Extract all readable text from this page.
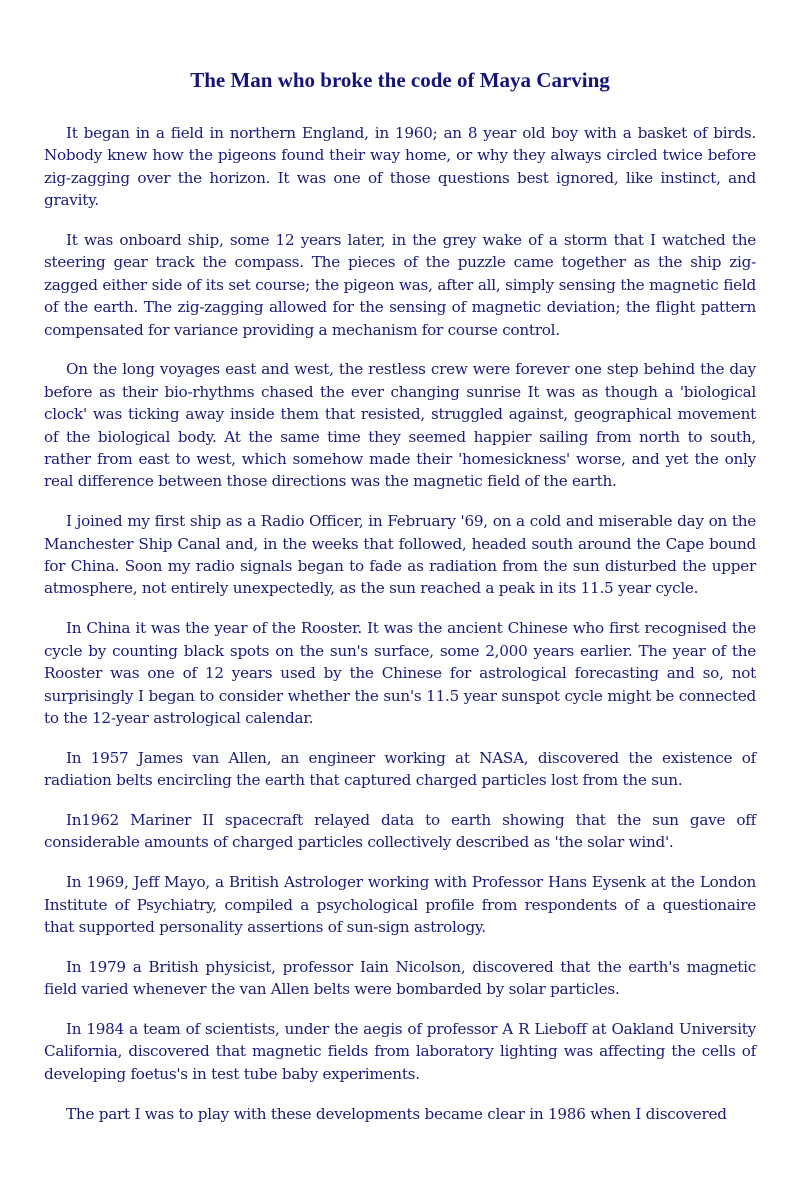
The Man who broke the code of Maya Carving

It began in a field in northern England, in 1960; an 8 year old boy with a basket of birds. Nobody knew how the pigeons found their way home, or why they always circled twice before zig-zagging over the horizon. It was one of those questions best ignored, like instinct, and gravity.

It was onboard ship, some 12 years later, in the grey wake of a storm that I watched the steering gear track the compass. The pieces of the puzzle came together as the ship zig-zagged either side of its set course; the pigeon was, after all, simply sensing the magnetic field of the earth. The zig-zagging allowed for the sensing of magnetic deviation; the flight pattern compensated for variance providing a mechanism for course control.

On the long voyages east and west, the restless crew were forever one step behind the day before as their bio-rhythms chased the ever changing sunrise It was as though a 'biological clock' was ticking away inside them that resisted, struggled against, geographical movement of the biological body. At the same time they seemed happier sailing from north to south, rather from east to west, which somehow made their 'homesickness' worse, and yet the only real difference between those directions was the magnetic field of the earth.

I joined my first ship as a Radio Officer, in February '69, on a cold and miserable day on the Manchester Ship Canal and, in the weeks that followed, headed south around the Cape bound for China. Soon my radio signals began to fade as radiation from the sun disturbed the upper atmosphere, not entirely unexpectedly, as the sun reached a peak in its 11.5 year cycle.

In China it was the year of the Rooster. It was the ancient Chinese who first recognised the cycle by counting black spots on the sun's surface, some 2,000 years earlier. The year of the Rooster was one of 12 years used by the Chinese for astrological forecasting and so, not surprisingly I began to consider whether the sun's 11.5 year sunspot cycle might be connected to the 12-year astrological calendar.

In 1957 James van Allen, an engineer working at NASA, discovered the existence of radiation belts encircling the earth that captured charged particles lost from the sun.

In1962 Mariner II spacecraft relayed data to earth showing that the sun gave off considerable amounts of charged particles collectively described as 'the solar wind'.

In 1969, Jeff Mayo, a British Astrologer working with Professor Hans Eysenk at the London Institute of Psychiatry, compiled a psychological profile from respondents of a questionaire that supported personality assertions of sun-sign astrology.

In 1979 a British physicist, professor Iain Nicolson, discovered that the earth's magnetic field varied whenever the van Allen belts were bombarded by solar particles.

In 1984 a team of scientists, under the aegis of professor A R Lieboff at Oakland University California, discovered that magnetic fields from laboratory lighting was affecting the cells of developing foetus's in test tube baby experiments.

The part I was to play with these developments became clear in 1986 when I discovered
